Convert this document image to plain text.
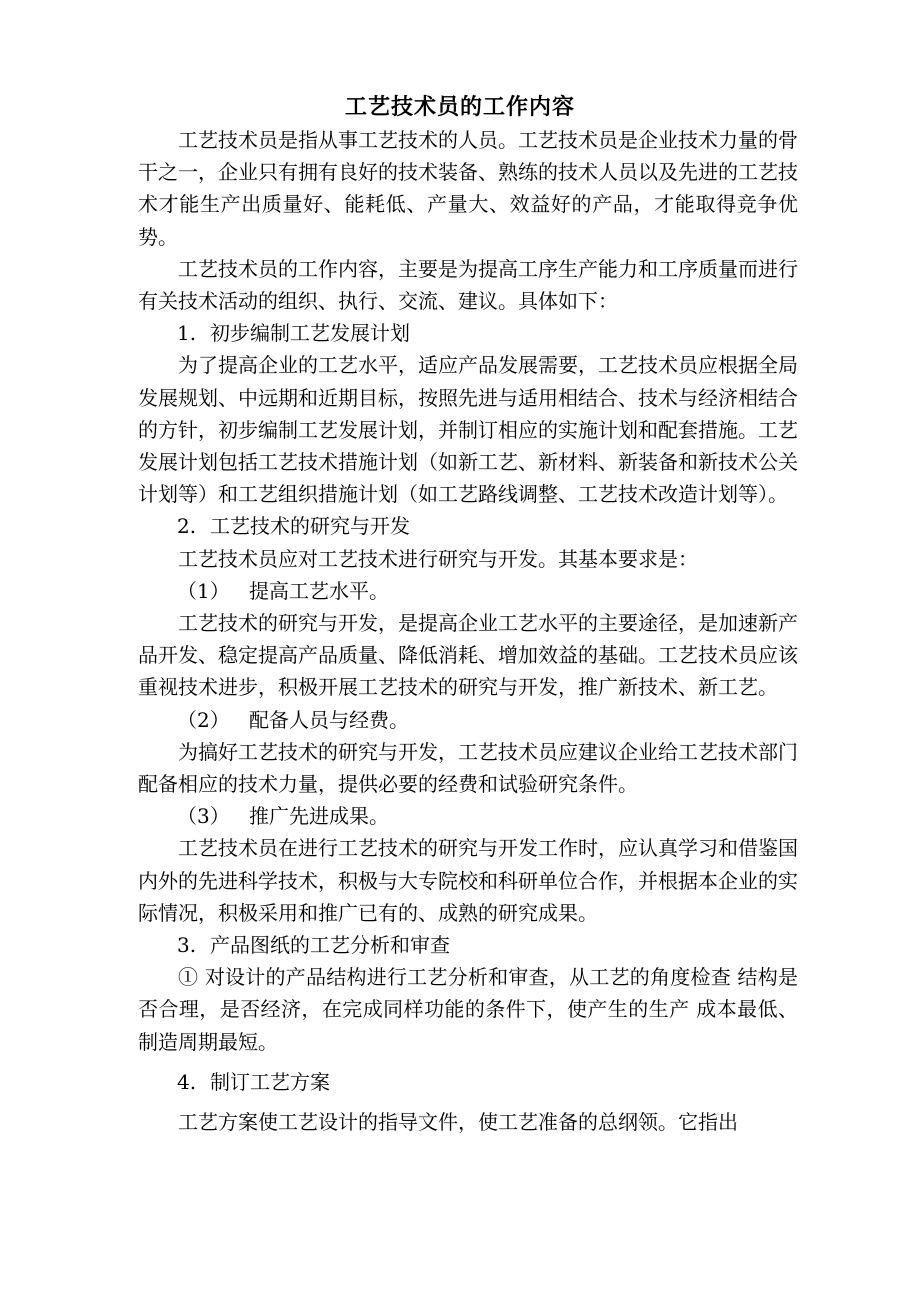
工艺技术员的工作内容

工艺技术员是指从事工艺技术的人员。工艺技术员是企业技术力量的骨干之一，企业只有拥有良好的技术装备、熟练的技术人员以及先进的工艺技术才能生产出质量好、能耗低、产量大、效益好的产品，才能取得竞争优势。

工艺技术员的工作内容，主要是为提高工序生产能力和工序质量而进行有关技术活动的组织、执行、交流、建议。具体如下：

1. 初步编制工艺发展计划

为了提高企业的工艺水平，适应产品发展需要，工艺技术员应根据全局发展规划、中远期和近期目标，按照先进与适用相结合、技术与经济相结合的方针，初步编制工艺发展计划，并制订相应的实施计划和配套措施。工艺发展计划包括工艺技术措施计划（如新工艺、新材料、新装备和新技术公关计划等）和工艺组织措施计划（如工艺路线调整、工艺技术改造计划等）。

2. 工艺技术的研究与开发

工艺技术员应对工艺技术进行研究与开发。其基本要求是：

（1） 提高工艺水平。

工艺技术的研究与开发，是提高企业工艺水平的主要途径，是加速新产品开发、稳定提高产品质量、降低消耗、增加效益的基础。工艺技术员应该重视技术进步，积极开展工艺技术的研究与开发，推广新技术、新工艺。

（2） 配备人员与经费。

为搞好工艺技术的研究与开发，工艺技术员应建议企业给工艺技术部门配备相应的技术力量，提供必要的经费和试验研究条件。

（3） 推广先进成果。

工艺技术员在进行工艺技术的研究与开发工作时，应认真学习和借鉴国内外的先进科学技术，积极与大专院校和科研单位合作，并根据本企业的实际情况，积极采用和推广已有的、成熟的研究成果。

3. 产品图纸的工艺分析和审查

① 对设计的产品结构进行工艺分析和审查，从工艺的角度检查 结构是否合理，是否经济，在完成同样功能的条件下，使产生的生产 成本最低、制造周期最短。

4. 制订工艺方案

工艺方案使工艺设计的指导文件，使工艺准备的总纲领。它指出
